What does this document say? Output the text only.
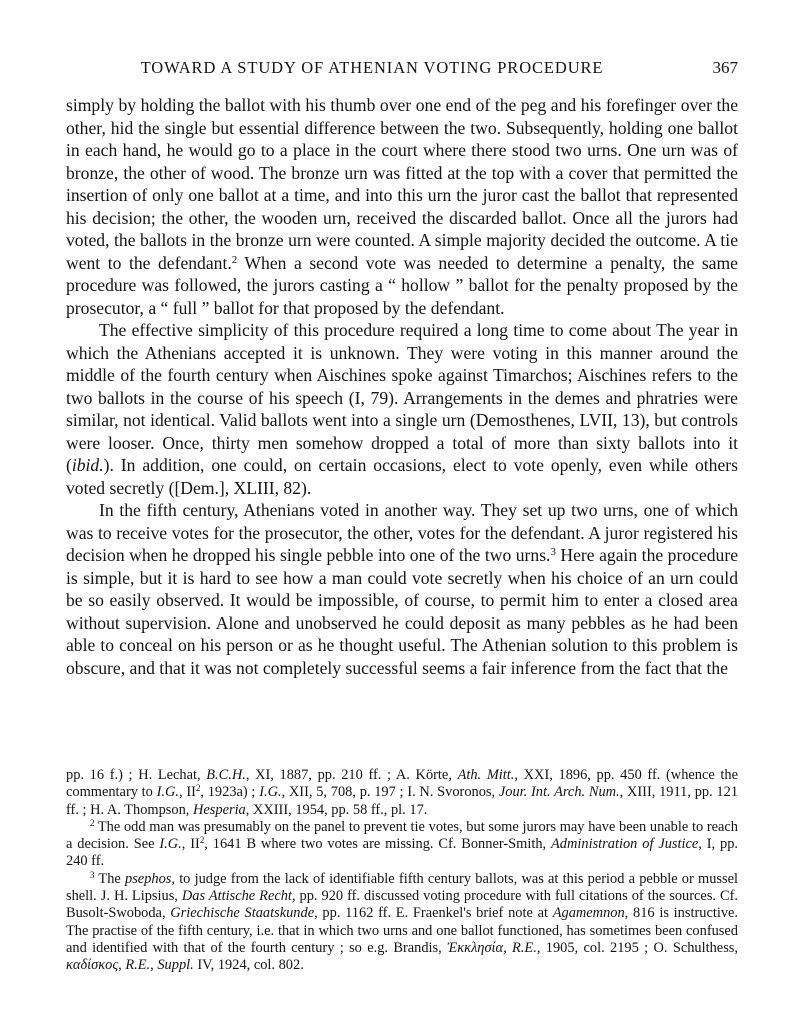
TOWARD A STUDY OF ATHENIAN VOTING PROCEDURE	367

simply by holding the ballot with his thumb over one end of the peg and his forefinger over the other, hid the single but essential difference between the two. Subsequently, holding one ballot in each hand, he would go to a place in the court where there stood two urns. One urn was of bronze, the other of wood. The bronze urn was fitted at the top with a cover that permitted the insertion of only one ballot at a time, and into this urn the juror cast the ballot that represented his decision; the other, the wooden urn, received the discarded ballot. Once all the jurors had voted, the ballots in the bronze urn were counted. A simple majority decided the outcome. A tie went to the defendant.$^2$ When a second vote was needed to determine a penalty, the same procedure was followed, the jurors casting a “ hollow ” ballot for the penalty proposed by the prosecutor, a “ full ” ballot for that proposed by the defendant.

The effective simplicity of this procedure required a long time to come about The year in which the Athenians accepted it is unknown. They were voting in this manner around the middle of the fourth century when Aischines spoke against Timarchos; Aischines refers to the two ballots in the course of his speech (I, 79). Arrangements in the demes and phratries were similar, not identical. Valid ballots went into a single urn (Demosthenes, LVII, 13), but controls were looser. Once, thirty men somehow dropped a total of more than sixty ballots into it (ibid.). In addition, one could, on certain occasions, elect to vote openly, even while others voted secretly ([Dem.], XLIII, 82).

In the fifth century, Athenians voted in another way. They set up two urns, one of which was to receive votes for the prosecutor, the other, votes for the defendant. A juror registered his decision when he dropped his single pebble into one of the two urns.$^3$ Here again the procedure is simple, but it is hard to see how a man could vote secretly when his choice of an urn could be so easily observed. It would be impossible, of course, to permit him to enter a closed area without supervision. Alone and unobserved he could deposit as many pebbles as he had been able to conceal on his person or as he thought useful. The Athenian solution to this problem is obscure, and that it was not completely successful seems a fair inference from the fact that the

pp. 16 f.) ; H. Lechat, B.C.H., XI, 1887, pp. 210 ff. ; A. Körte, Ath. Mitt., XXI, 1896, pp. 450 ff. (whence the commentary to I.G., $II^2$, 1923a) ; I.G., XII, 5, 708, p. 197 ; I. N. Svoronos, Jour. Int. Arch. Num., XIII, 1911, pp. 121 ff. ; H. A. Thompson, Hesperia, XXIII, 1954, pp. 58 ff., pl. 17.

$^2$ The odd man was presumably on the panel to prevent tie votes, but some jurors may have been unable to reach a decision. See I.G., $II^2$, 1641 B where two votes are missing. Cf. Bonner-Smith, Administration of Justice, I, pp. 240 ff.

$^3$ The psephos, to judge from the lack of identifiable fifth century ballots, was at this period a pebble or mussel shell. J. H. Lipsius, Das Attische Recht, pp. 920 ff. discussed voting procedure with full citations of the sources. Cf. Busolt-Swoboda, Griechische Staatskunde, pp. 1162 ff. E. Fraenkel's brief note at Agamemnon, 816 is instructive. The practise of the fifth century, i.e. that in which two urns and one ballot functioned, has sometimes been confused and identified with that of the fourth century ; so e.g. Brandis, Ἐκκλησία, R.E., 1905, col. 2195 ; O. Schulthess, καδίσκος, R.E., Suppl. IV, 1924, col. 802.
